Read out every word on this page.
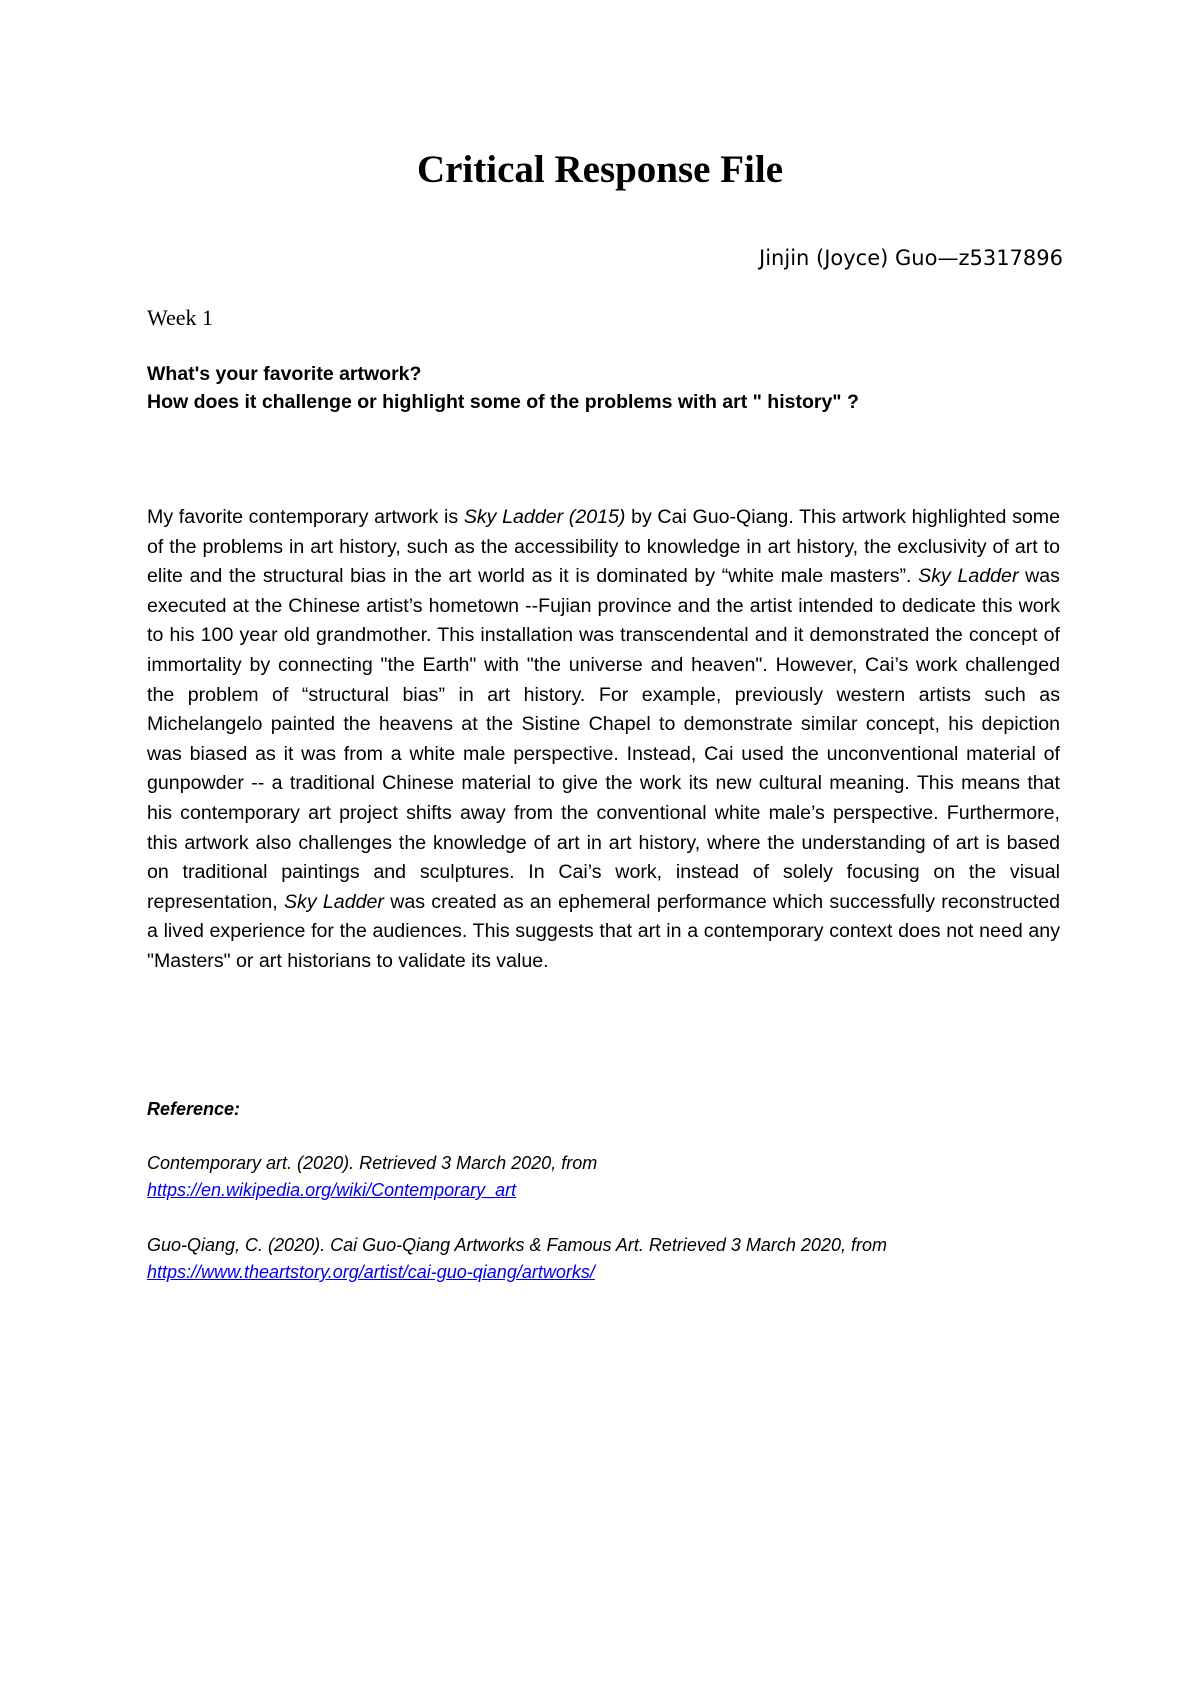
Critical Response File
Jinjin (Joyce) Guo—z5317896
Week 1
What's your favorite artwork?
How does it challenge or highlight some of the problems with art " history" ?

My favorite contemporary artwork is Sky Ladder (2015) by Cai Guo-Qiang. This artwork highlighted some of the problems in art history, such as the accessibility to knowledge in art history, the exclusivity of art to elite and the structural bias in the art world as it is dominated by “white male masters”. Sky Ladder was executed at the Chinese artist’s hometown --Fujian province and the artist intended to dedicate this work to his 100 year old grandmother. This installation was transcendental and it demonstrated the concept of immortality by connecting "the Earth" with "the universe and heaven". However, Cai’s work challenged the problem of “structural bias” in art history. For example, previously western artists such as Michelangelo painted the heavens at the Sistine Chapel to demonstrate similar concept, his depiction was biased as it was from a white male perspective. Instead, Cai used the unconventional material of gunpowder -- a traditional Chinese material to give the work its new cultural meaning. This means that his contemporary art project shifts away from the conventional white male’s perspective. Furthermore, this artwork also challenges the knowledge of art in art history, where the understanding of art is based on traditional paintings and sculptures. In Cai’s work, instead of solely focusing on the visual representation, Sky Ladder was created as an ephemeral performance which successfully reconstructed a lived experience for the audiences. This suggests that art in a contemporary context does not need any "Masters" or art historians to validate its value.

Reference:
Contemporary art. (2020). Retrieved 3 March 2020, from
https://en.wikipedia.org/wiki/Contemporary_art
Guo-Qiang, C. (2020). Cai Guo-Qiang Artworks & Famous Art. Retrieved 3 March 2020, from
https://www.theartstory.org/artist/cai-guo-qiang/artworks/
